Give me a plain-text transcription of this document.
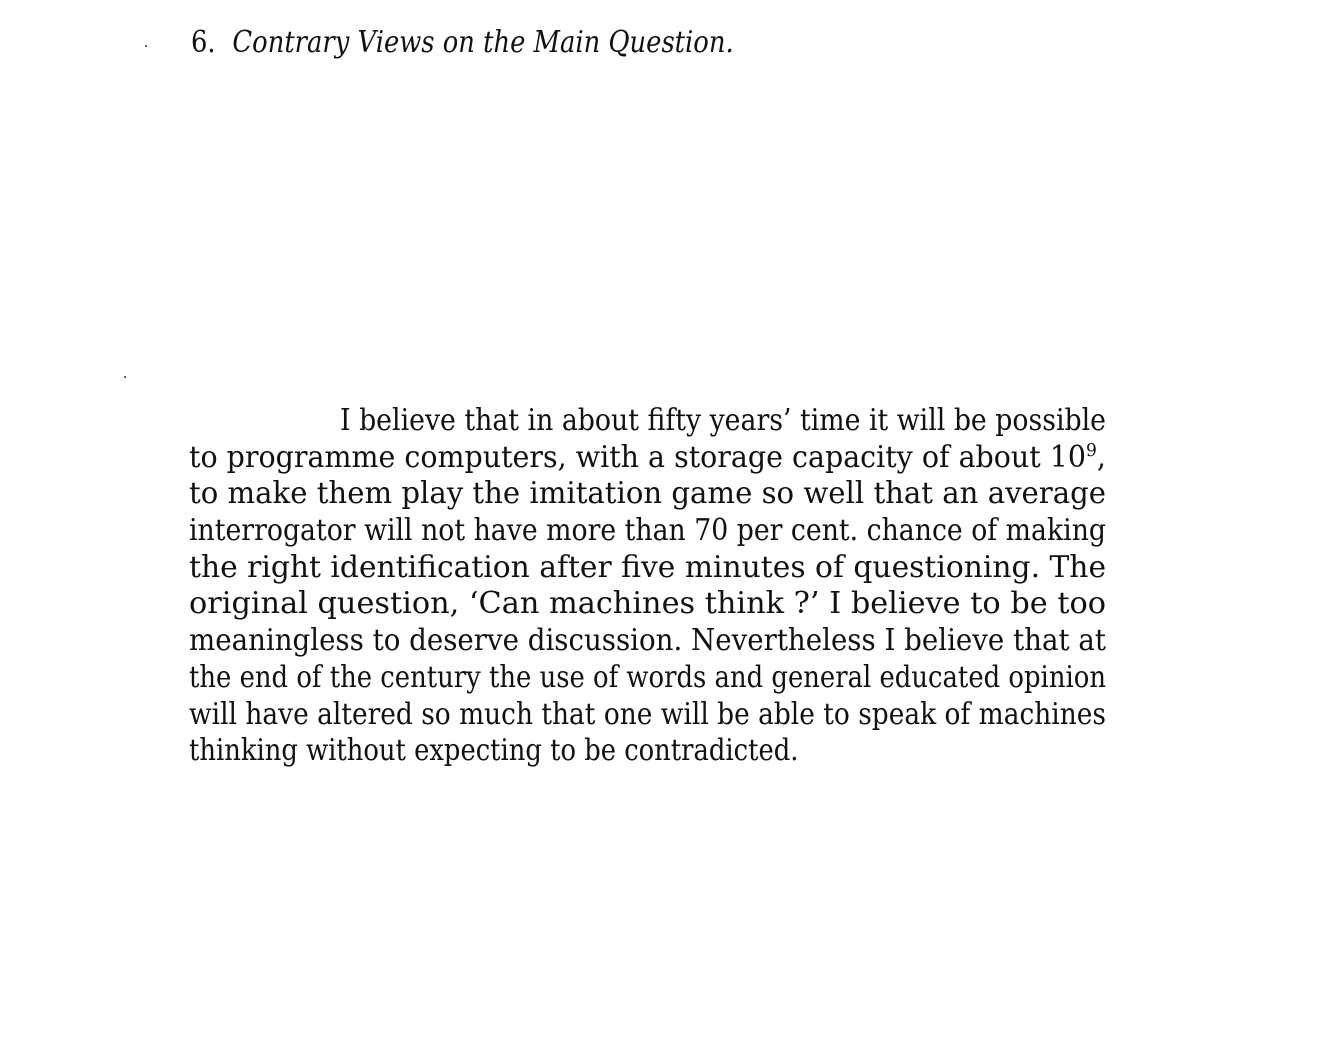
6. Contrary Views on the Main Question.
I believe that in about fifty years’ time it will be possible
to programme computers, with a storage capacity of about $10^9$,
to make them play the imitation game so well that an average
interrogator will not have more than 70 per cent. chance of making
the right identification after five minutes of questioning. The
original question, ‘Can machines think ?’ I believe to be too
meaningless to deserve discussion. Nevertheless I believe that at
the end of the century the use of words and general educated opinion
will have altered so much that one will be able to speak of machines
thinking without expecting to be contradicted.
